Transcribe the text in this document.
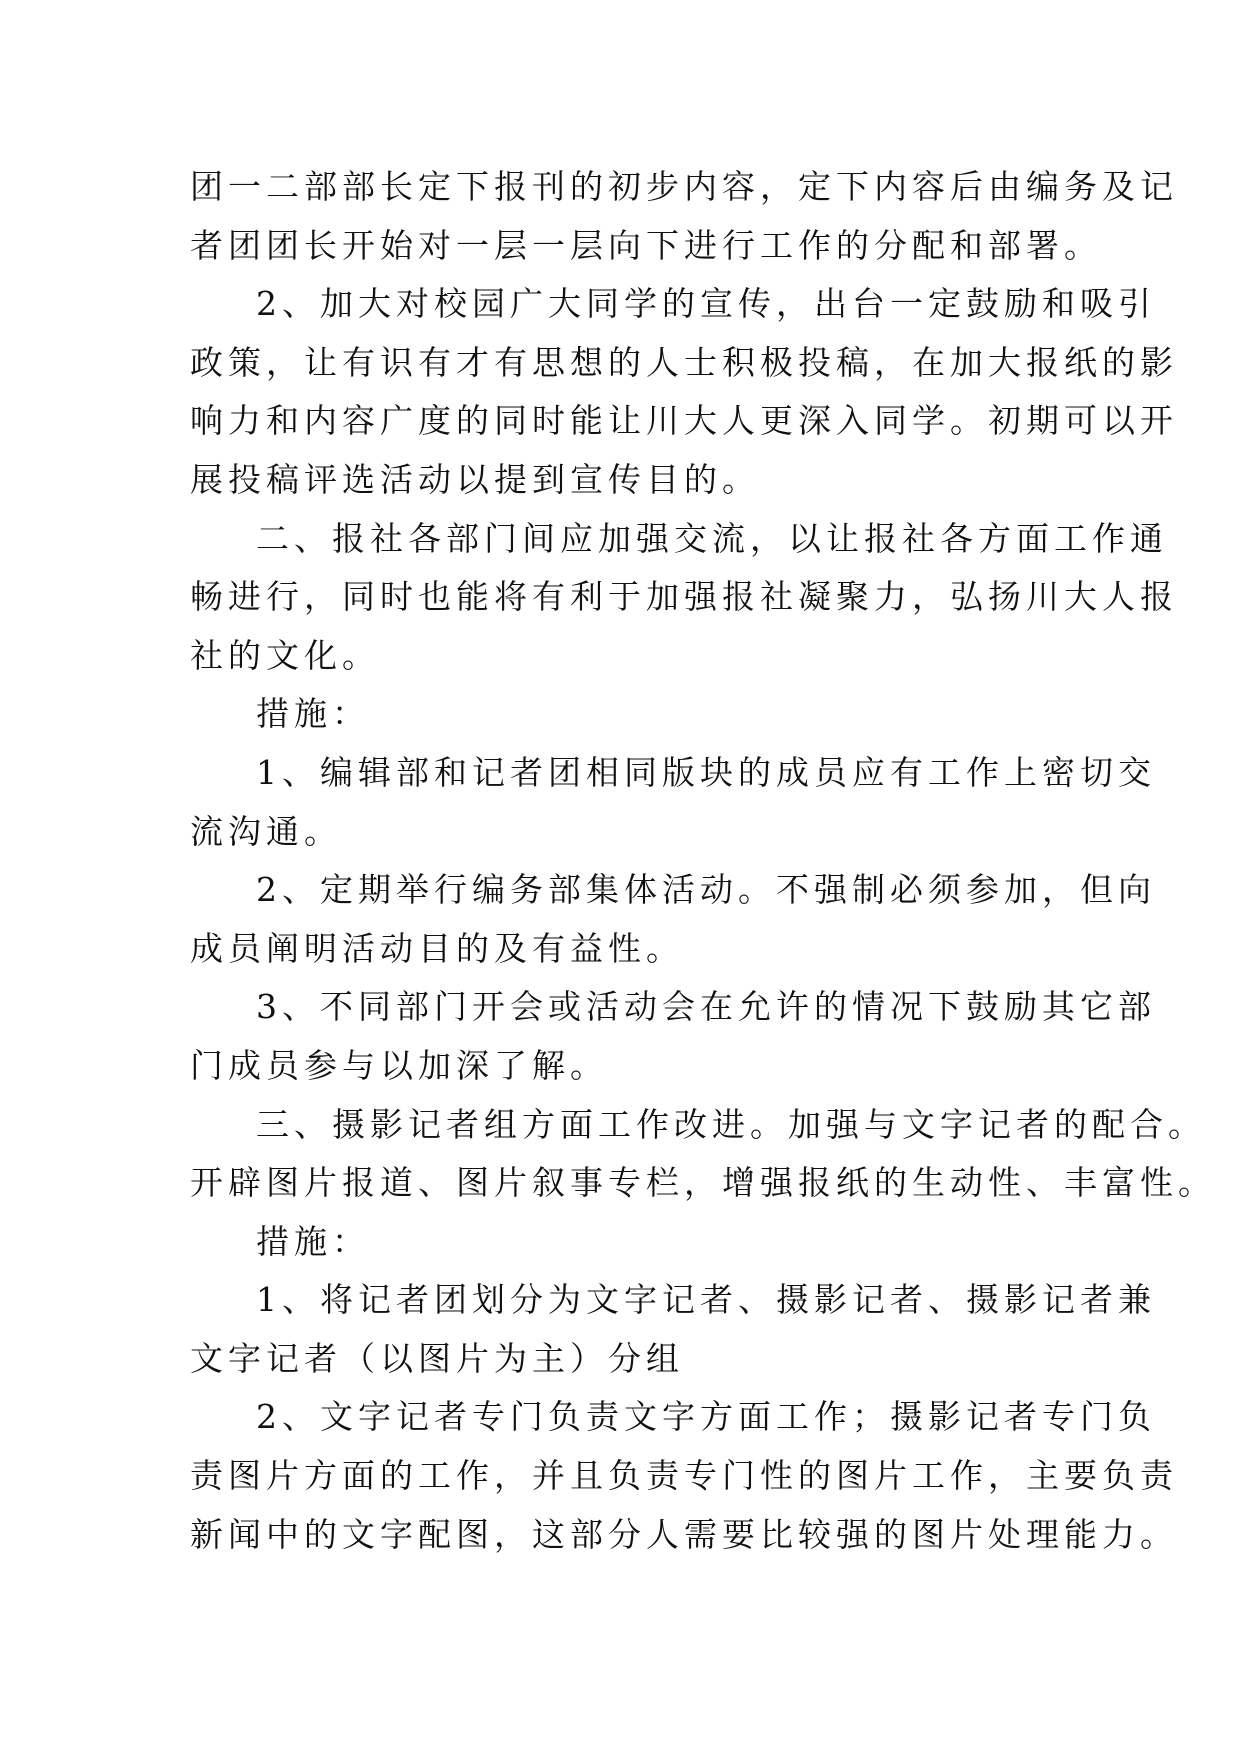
团一二部部长定下报刊的初步内容，定下内容后由编务及记
者团团长开始对一层一层向下进行工作的分配和部署。
2、加大对校园广大同学的宣传，出台一定鼓励和吸引
政策，让有识有才有思想的人士积极投稿，在加大报纸的影
响力和内容广度的同时能让川大人更深入同学。初期可以开
展投稿评选活动以提到宣传目的。
二、报社各部门间应加强交流，以让报社各方面工作通
畅进行，同时也能将有利于加强报社凝聚力，弘扬川大人报
社的文化。
措施：
1、编辑部和记者团相同版块的成员应有工作上密切交
流沟通。
2、定期举行编务部集体活动。不强制必须参加，但向
成员阐明活动目的及有益性。
3、不同部门开会或活动会在允许的情况下鼓励其它部
门成员参与以加深了解。
三、摄影记者组方面工作改进。加强与文字记者的配合。
开辟图片报道、图片叙事专栏，增强报纸的生动性、丰富性。
措施：
1、将记者团划分为文字记者、摄影记者、摄影记者兼
文字记者（以图片为主）分组
2、文字记者专门负责文字方面工作；摄影记者专门负
责图片方面的工作，并且负责专门性的图片工作，主要负责
新闻中的文字配图，这部分人需要比较强的图片处理能力。
